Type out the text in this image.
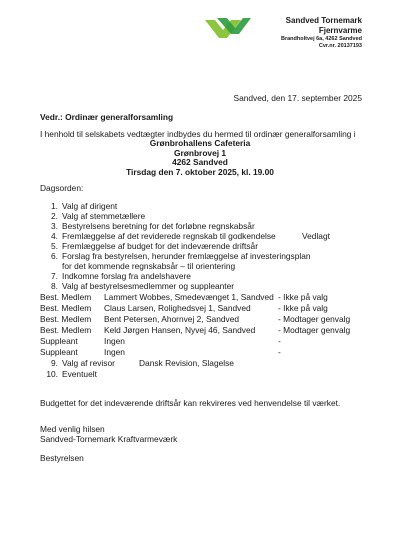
Sandved Tornemark
Fjernvarme
Brandholtvej 6a, 4262 Sandved
Cvr.nr. 20137193
Sandved, den 17. september 2025
Vedr.: Ordinær generalforsamling
I henhold til selskabets vedtægter indbydes du hermed til ordinær generalforsamling i
Grønbrohallens Cafeteria
Grønbrovej 1
4262 Sandved
Tirsdag den 7. oktober 2025, kl. 19.00
Dagsorden:
1. Valg af dirigent
2. Valg af stemmetællere
3. Bestyrelsens beretning for det forløbne regnskabsår
4. Fremlæggelse af det reviderede regnskab til godkendelse	Vedlagt
5. Fremlæggelse af budget for det indeværende driftsår
6. Forslag fra bestyrelsen, herunder fremlæggelse af investeringsplan
for det kommende regnskabsår – til orientering
7. Indkomne forslag fra andelshavere
8. Valg af bestyrelsesmedlemmer og suppleanter
Best. Medlem Lammert Wobbes, Smedevænget 1, Sandved - Ikke på valg
Best. Medlem Claus Larsen, Rolighedsvej 1, Sandved	- Ikke på valg
Best. Medlem Bent Petersen, Ahornvej 2, Sandved	- Modtager genvalg
Best. Medlem Keld Jørgen Hansen, Nyvej 46, Sandved	- Modtager genvalg
Suppleant	Ingen	-
Suppleant	Ingen	-
9. Valg af revisor	Dansk Revision, Slagelse
10. Eventuelt
Budgettet for det indeværende driftsår kan rekvireres ved henvendelse til værket.
Med venlig hilsen
Sandved-Tornemark Kraftvarmeværk
Bestyrelsen
